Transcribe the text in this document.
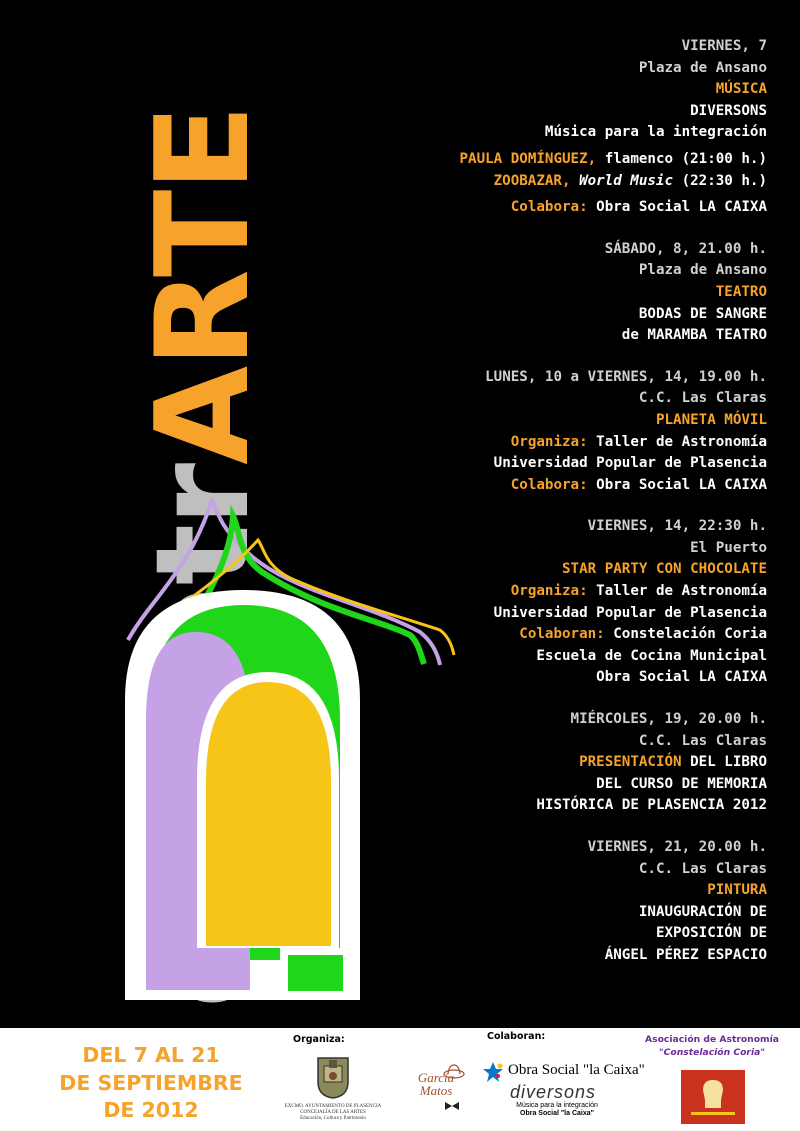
ARTE
VIERNES, 7
Plaza de Ansano
MÚSICA
DIVERSONS
Música para la integración
PAULA DOMÍNGUEZ, flamenco (21:00 h.)
ZOOBAZAR, World Music (22:30 h.)
Colabora: Obra Social LA CAIXA
SÁBADO, 8, 21.00 h.
Plaza de Ansano
TEATRO
BODAS DE SANGRE
de MARAMBA TEATRO
LUNES, 10 a VIERNES, 14, 19.00 h.
C.C. Las Claras
PLANETA MÓVIL
Organiza: Taller de Astronomía
Universidad Popular de Plasencia
Colabora: Obra Social LA CAIXA
VIERNES, 14, 22:30 h.
El Puerto
STAR PARTY CON CHOCOLATE
Organiza: Taller de Astronomía
Universidad Popular de Plasencia
Colaboran: Constelación Coria
Escuela de Cocina Municipal
Obra Social LA CAIXA
MIÉRCOLES, 19, 20.00 h.
C.C. Las Claras
PRESENTACIÓN DEL LIBRO
DEL CURSO DE MEMORIA
HISTÓRICA DE PLASENCIA 2012
VIERNES, 21, 20.00 h.
C.C. Las Claras
PINTURA
INAUGURACIÓN DE
EXPOSICIÓN DE
ÁNGEL PÉREZ ESPACIO
DEL 7 AL 21
DE SEPTIEMBRE
DE 2012
Organiza:	Colaboran:
EXCMO. AYUNTAMIENTO DE PLASENCIA
CONCEJALÍA DE LAS ARTES
Educación, Cultura y Patrimonio
García
Matos
Obra Social "la Caixa"
diversons
Música para la integración
Obra Social "la Caixa"
Asociación de Astronomía
"Constelación Coria"
